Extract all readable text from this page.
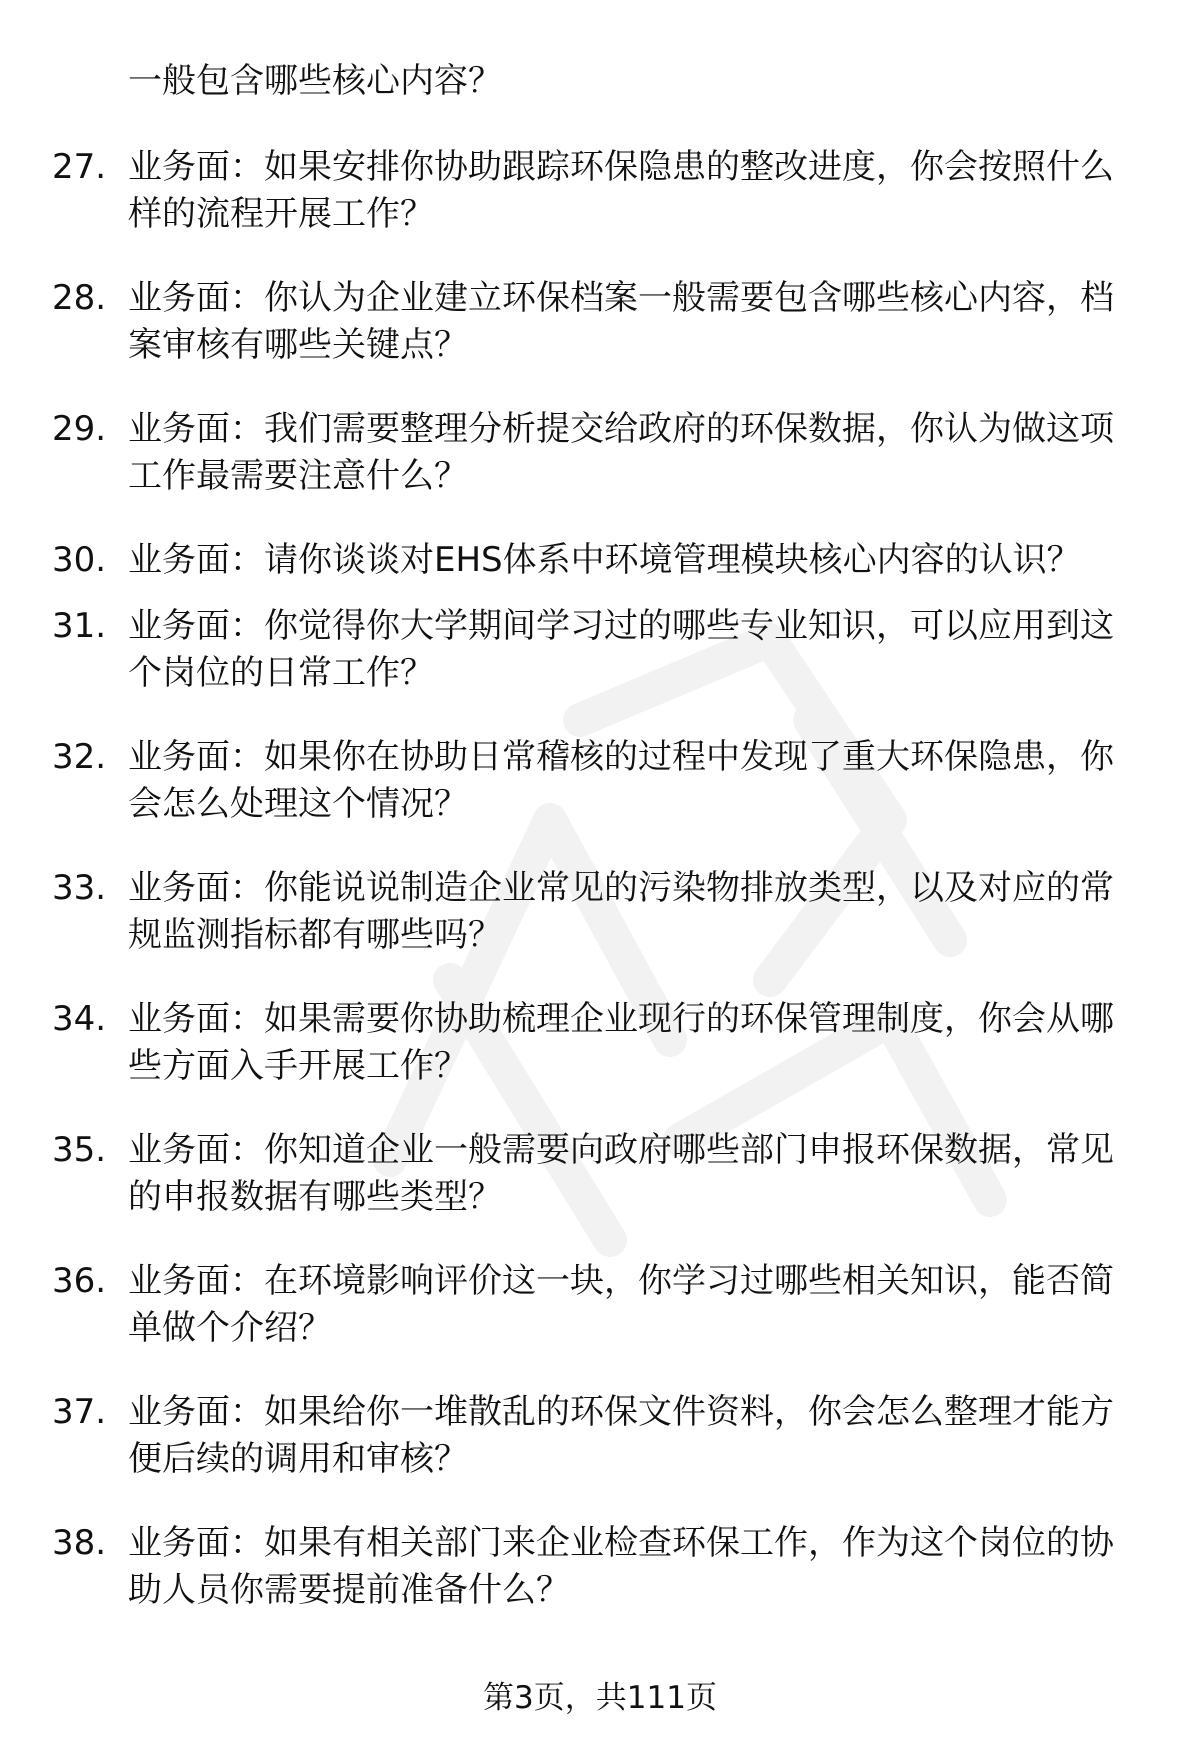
一般包含哪些核心内容？

27. 业务面：如果安排你协助跟踪环保隐患的整改进度，你会按照什么样的流程开展工作？

28. 业务面：你认为企业建立环保档案一般需要包含哪些核心内容，档案审核有哪些关键点？

29. 业务面：我们需要整理分析提交给政府的环保数据，你认为做这项工作最需要注意什么？

30. 业务面：请你谈谈对EHS体系中环境管理模块核心内容的认识？

31. 业务面：你觉得你大学期间学习过的哪些专业知识，可以应用到这个岗位的日常工作？

32. 业务面：如果你在协助日常稽核的过程中发现了重大环保隐患，你会怎么处理这个情况？

33. 业务面：你能说说制造企业常见的污染物排放类型，以及对应的常规监测指标都有哪些吗？

34. 业务面：如果需要你协助梳理企业现行的环保管理制度，你会从哪些方面入手开展工作？

35. 业务面：你知道企业一般需要向政府哪些部门申报环保数据，常见的申报数据有哪些类型？

36. 业务面：在环境影响评价这一块，你学习过哪些相关知识，能否简单做个介绍？

37. 业务面：如果给你一堆散乱的环保文件资料，你会怎么整理才能方便后续的调用和审核？

38. 业务面：如果有相关部门来企业检查环保工作，作为这个岗位的协助人员你需要提前准备什么？

第3页，共111页
